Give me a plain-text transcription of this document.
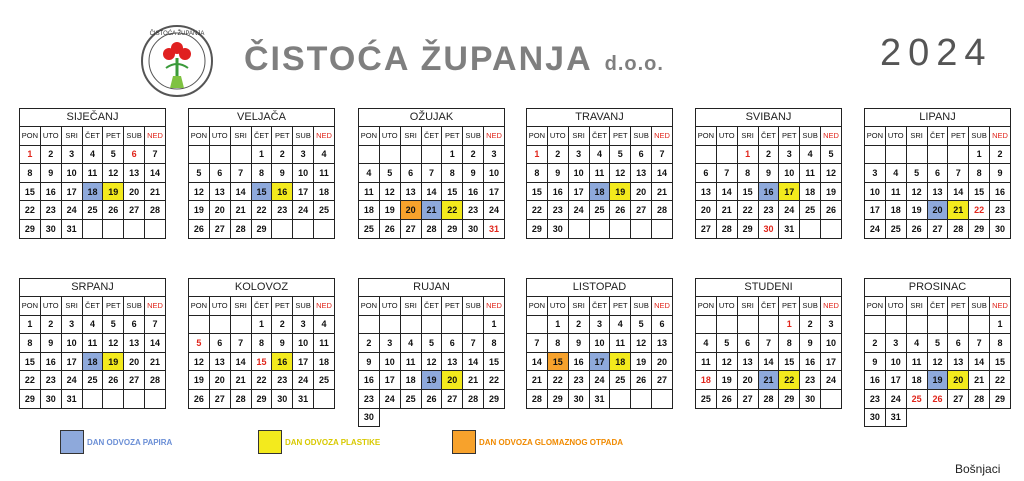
ČISTOĆA ŽUPANJA
ČISTOĆA ŽUPANJA d.o.o.	2024
SIJEČANJ
PON	UTO	SRI	ČET	PET	SUB	NED
1	2	3	4	5	6	7
8	9	10	11	12	13	14
15	16	17	18	19	20	21
22	23	24	25	26	27	28
29	30	31				
VELJAČA
PON	UTO	SRI	ČET	PET	SUB	NED
			1	2	3	4
5	6	7	8	9	10	11
12	13	14	15	16	17	18
19	20	21	22	23	24	25
26	27	28	29			
OŽUJAK
PON	UTO	SRI	ČET	PET	SUB	NED
				1	2	3
4	5	6	7	8	9	10
11	12	13	14	15	16	17
18	19	20	21	22	23	24
25	26	27	28	29	30	31
TRAVANJ
PON	UTO	SRI	ČET	PET	SUB	NED
1	2	3	4	5	6	7
8	9	10	11	12	13	14
15	16	17	18	19	20	21
22	23	24	25	26	27	28
29	30					
SVIBANJ
PON	UTO	SRI	ČET	PET	SUB	NED
		1	2	3	4	5
6	7	8	9	10	11	12
13	14	15	16	17	18	19
20	21	22	23	24	25	26
27	28	29	30	31		
LIPANJ
PON	UTO	SRI	ČET	PET	SUB	NED
					1	2
3	4	5	6	7	8	9
10	11	12	13	14	15	16
17	18	19	20	21	22	23
24	25	26	27	28	29	30
SRPANJ
PON	UTO	SRI	ČET	PET	SUB	NED
1	2	3	4	5	6	7
8	9	10	11	12	13	14
15	16	17	18	19	20	21
22	23	24	25	26	27	28
29	30	31				
KOLOVOZ
PON	UTO	SRI	ČET	PET	SUB	NED
			1	2	3	4
5	6	7	8	9	10	11
12	13	14	15	16	17	18
19	20	21	22	23	24	25
26	27	28	29	30	31	
RUJAN
PON	UTO	SRI	ČET	PET	SUB	NED
						1
2	3	4	5	6	7	8
9	10	11	12	13	14	15
16	17	18	19	20	21	22
23	24	25	26	27	28	29
30						
LISTOPAD
PON	UTO	SRI	ČET	PET	SUB	NED
	1	2	3	4	5	6
7	8	9	10	11	12	13
14	15	16	17	18	19	20
21	22	23	24	25	26	27
28	29	30	31			
STUDENI
PON	UTO	SRI	ČET	PET	SUB	NED
				1	2	3
4	5	6	7	8	9	10
11	12	13	14	15	16	17
18	19	20	21	22	23	24
25	26	27	28	29	30	
PROSINAC
PON	UTO	SRI	ČET	PET	SUB	NED
						1
2	3	4	5	6	7	8
9	10	11	12	13	14	15
16	17	18	19	20	21	22
23	24	25	26	27	28	29
30	31					
DAN ODVOZA PAPIRA	DAN ODVOZA PLASTIKE	DAN ODVOZA GLOMAZNOG OTPADA
Bošnjaci
